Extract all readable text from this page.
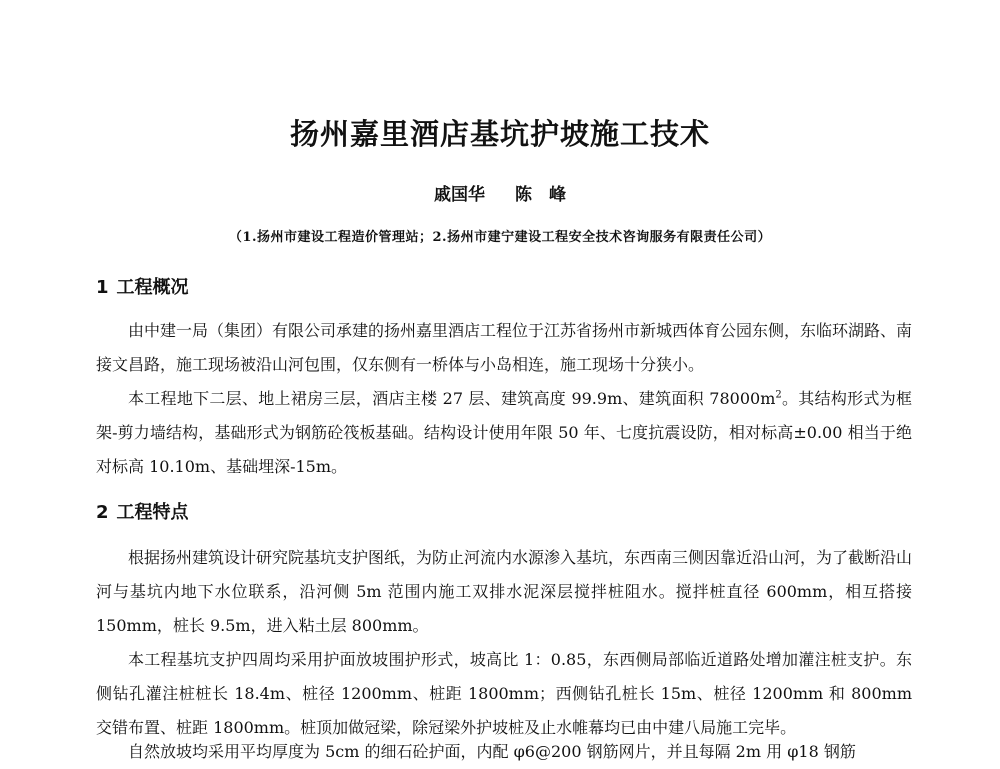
扬州嘉里酒店基坑护坡施工技术
戚国华 陈　峰
（1.扬州市建设工程造价管理站；2.扬州市建宁建设工程安全技术咨询服务有限责任公司）
1 工程概况

由中建一局（集团）有限公司承建的扬州嘉里酒店工程位于江苏省扬州市新城西体育公园东侧，东临环湖路、南接文昌路，施工现场被沿山河包围，仅东侧有一桥体与小岛相连，施工现场十分狭小。

本工程地下二层、地上裙房三层，酒店主楼 27 层、建筑高度 99.9m、建筑面积 $78000m^2$。其结构形式为框架-剪力墙结构，基础形式为钢筋砼筏板基础。结构设计使用年限 50 年、七度抗震设防，相对标高±0.00 相当于绝对标高 10.10m、基础埋深-15m。

2 工程特点

根据扬州建筑设计研究院基坑支护图纸，为防止河流内水源渗入基坑，东西南三侧因靠近沿山河，为了截断沿山河与基坑内地下水位联系，沿河侧 5m 范围内施工双排水泥深层搅拌桩阻水。搅拌桩直径 600mm，相互搭接 150mm，桩长 9.5m，进入粘土层 800mm。

本工程基坑支护四周均采用护面放坡围护形式，坡高比 1：0.85，东西侧局部临近道路处增加灌注桩支护。东侧钻孔灌注桩桩长 18.4m、桩径 1200mm、桩距 1800mm；西侧钻孔桩长 15m、桩径 1200mm 和 800mm 交错布置、桩距 1800mm。桩顶加做冠梁，除冠梁外护坡桩及止水帷幕均已由中建八局施工完毕。

自然放坡均采用平均厚度为 5cm 的细石砼护面，内配 φ6@200 钢筋网片，并且每隔 2m 用 φ18 钢筋
